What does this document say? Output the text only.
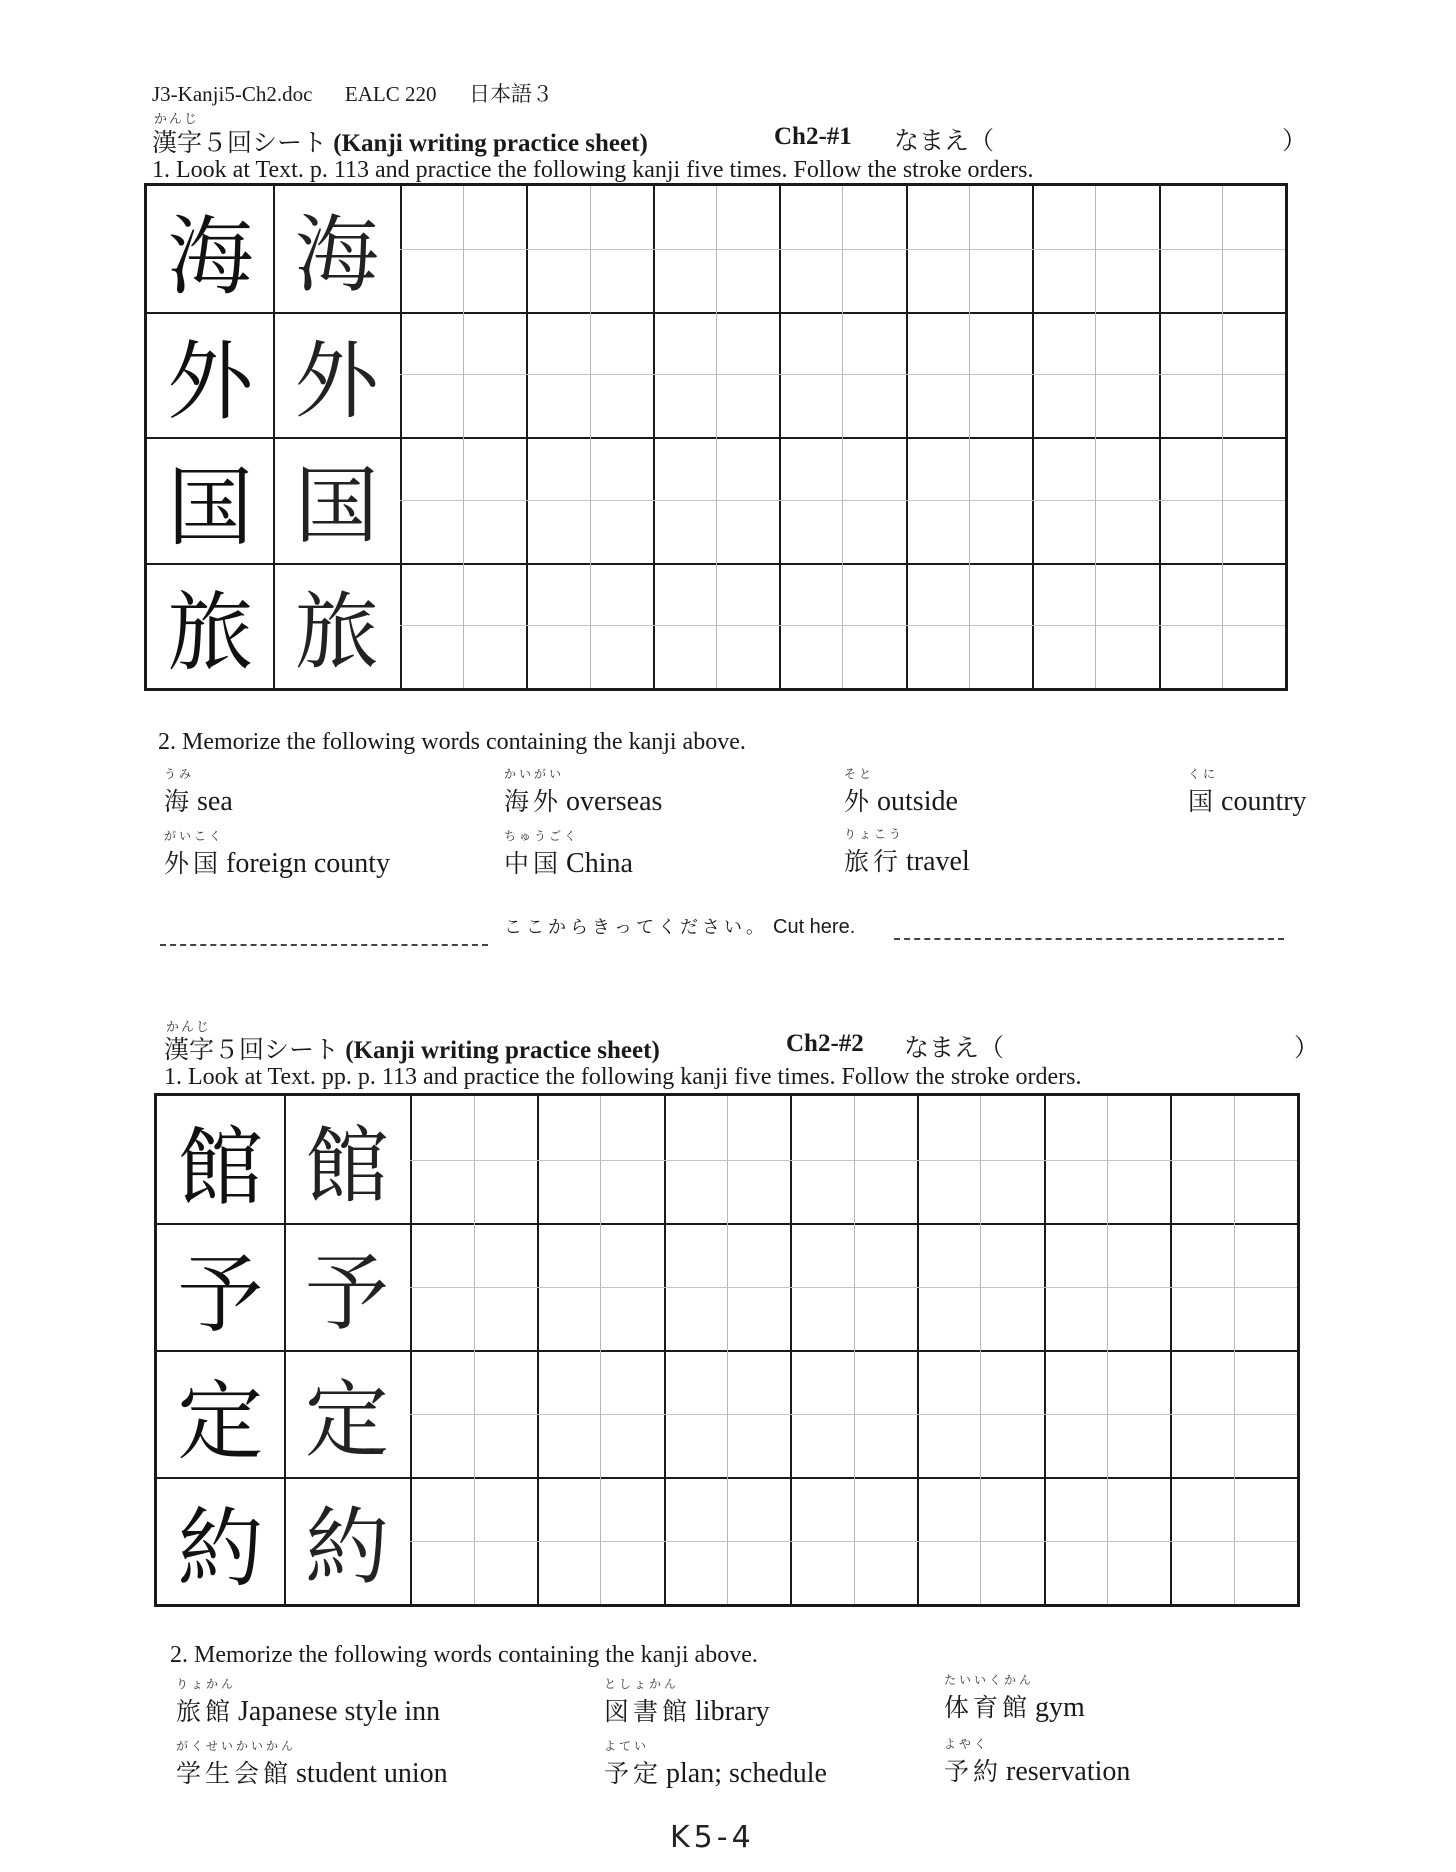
J3-Kanji5-Ch2.doc EALC 220 日本語３
かんじ
漢字５回シート (Kanji writing practice sheet)	Ch2-#1 なまえ（	）
1. Look at Text. p. 113 and practice the following kanji five times. Follow the stroke orders.
海 海
外 外
国 国
旅 旅
2. Memorize the following words containing the kanji above.
うみ
海 sea
かいがい
海外 overseas
そと
外 outside
くに
国 country
がいこく
外国 foreign county
ちゅうごく
中国 China
りょこう
旅行 travel
ここからきってください。 Cut here.
かんじ
漢字５回シート (Kanji writing practice sheet)	Ch2-#2 なまえ（	）
1. Look at Text. pp. p. 113 and practice the following kanji five times. Follow the stroke orders.
館 館
予 予
定 定
約 約
2. Memorize the following words containing the kanji above.
りょかん
旅館 Japanese style inn
としょかん
図書館 library
たいいくかん
体育館 gym
がくせいかいかん
学生会館 student union
よてい
予定 plan; schedule
よやく
予約 reservation
K5-4
